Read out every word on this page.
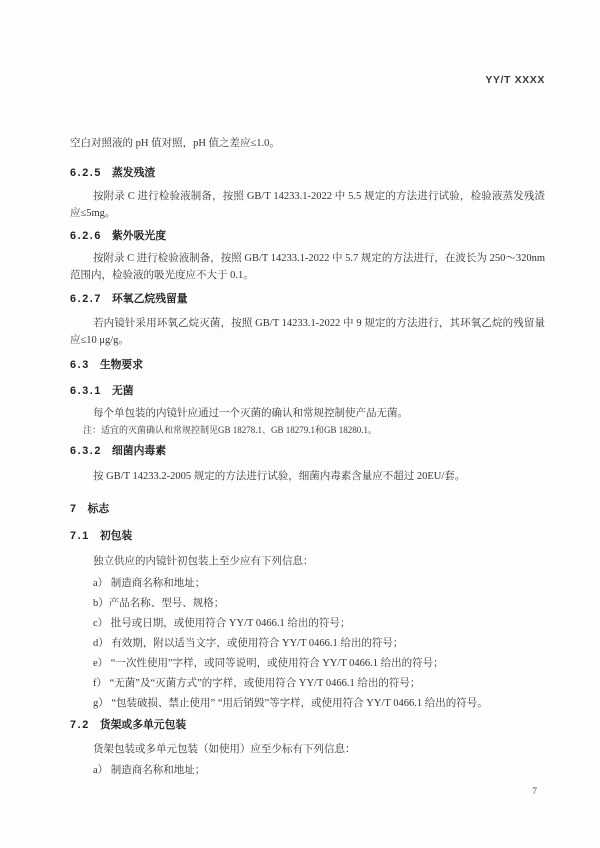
YY/T XXXX
空白对照液的 pH 值对照，pH 值之差应≤1.0。
6.2.5 蒸发残渣
按附录 C 进行检验液制备，按照 GB/T 14233.1-2022 中 5.5 规定的方法进行试验，检验液蒸发残渣应≤5mg。
6.2.6 紫外吸光度
按附录 C 进行检验液制备，按照 GB/T 14233.1-2022 中 5.7 规定的方法进行，在波长为 250～320nm 范围内，检验液的吸光度应不大于 0.1。
6.2.7 环氧乙烷残留量
若内镜针采用环氧乙烷灭菌，按照 GB/T 14233.1-2022 中 9 规定的方法进行，其环氧乙烷的残留量应≤10 μg/g。
6.3 生物要求
6.3.1 无菌
每个单包装的内镜针应通过一个灭菌的确认和常规控制使产品无菌。
注：适宜的灭菌确认和常规控制见GB 18278.1、GB 18279.1和GB 18280.1。
6.3.2 细菌内毒素
按 GB/T 14233.2-2005 规定的方法进行试验，细菌内毒素含量应不超过 20EU/套。
7 标志
7.1 初包装
独立供应的内镜针初包装上至少应有下列信息：
a） 制造商名称和地址；
b）产品名称、型号、规格；
c） 批号或日期，或使用符合 YY/T 0466.1 给出的符号；
d） 有效期，附以适当文字，或使用符合 YY/T 0466.1 给出的符号；
e） “一次性使用”字样，或同等说明，或使用符合 YY/T 0466.1 给出的符号；
f） “无菌”及“灭菌方式”的字样，或使用符合 YY/T 0466.1 给出的符号；
g） “包装破损、禁止使用” “用后销毁”等字样，或使用符合 YY/T 0466.1 给出的符号。
7.2 货架或多单元包装
货架包装或多单元包装（如使用）应至少标有下列信息：
a） 制造商名称和地址；
7
